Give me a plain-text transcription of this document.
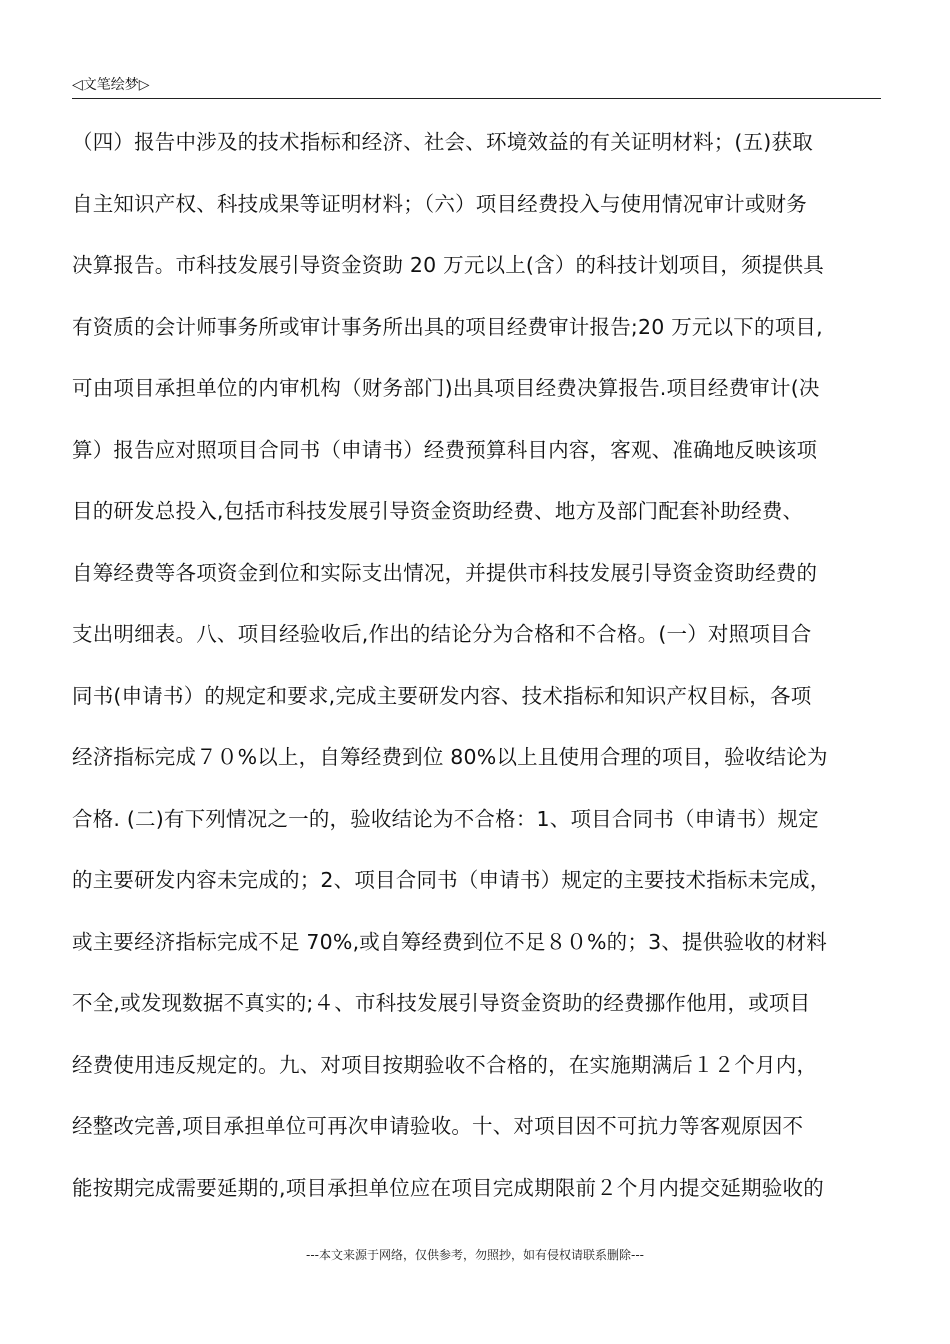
◁文笔绘梦▷
（四）报告中涉及的技术指标和经济、社会、环境效益的有关证明材料；(五)获取
自主知识产权、科技成果等证明材料；（六）项目经费投入与使用情况审计或财务
决算报告。市科技发展引导资金资助 20 万元以上(含）的科技计划项目，须提供具
有资质的会计师事务所或审计事务所出具的项目经费审计报告;20 万元以下的项目,
可由项目承担单位的内审机构（财务部门)出具项目经费决算报告.项目经费审计(决
算）报告应对照项目合同书（申请书）经费预算科目内容，客观、准确地反映该项
目的研发总投入,包括市科技发展引导资金资助经费、地方及部门配套补助经费、
自筹经费等各项资金到位和实际支出情况，并提供市科技发展引导资金资助经费的
支出明细表。八、项目经验收后,作出的结论分为合格和不合格。(一）对照项目合
同书(申请书）的规定和要求,完成主要研发内容、技术指标和知识产权目标，各项
经济指标完成７０%以上，自筹经费到位 80%以上且使用合理的项目，验收结论为
合格. (二)有下列情况之一的，验收结论为不合格：1、项目合同书（申请书）规定
的主要研发内容未完成的；2、项目合同书（申请书）规定的主要技术指标未完成，
或主要经济指标完成不足 70%,或自筹经费到位不足８０%的；3、提供验收的材料
不全,或发现数据不真实的;４、市科技发展引导资金资助的经费挪作他用，或项目
经费使用违反规定的。九、对项目按期验收不合格的，在实施期满后１２个月内，
经整改完善,项目承担单位可再次申请验收。十、对项目因不可抗力等客观原因不
能按期完成需要延期的,项目承担单位应在项目完成期限前２个月内提交延期验收的
---本文来源于网络，仅供参考，勿照抄，如有侵权请联系删除---
